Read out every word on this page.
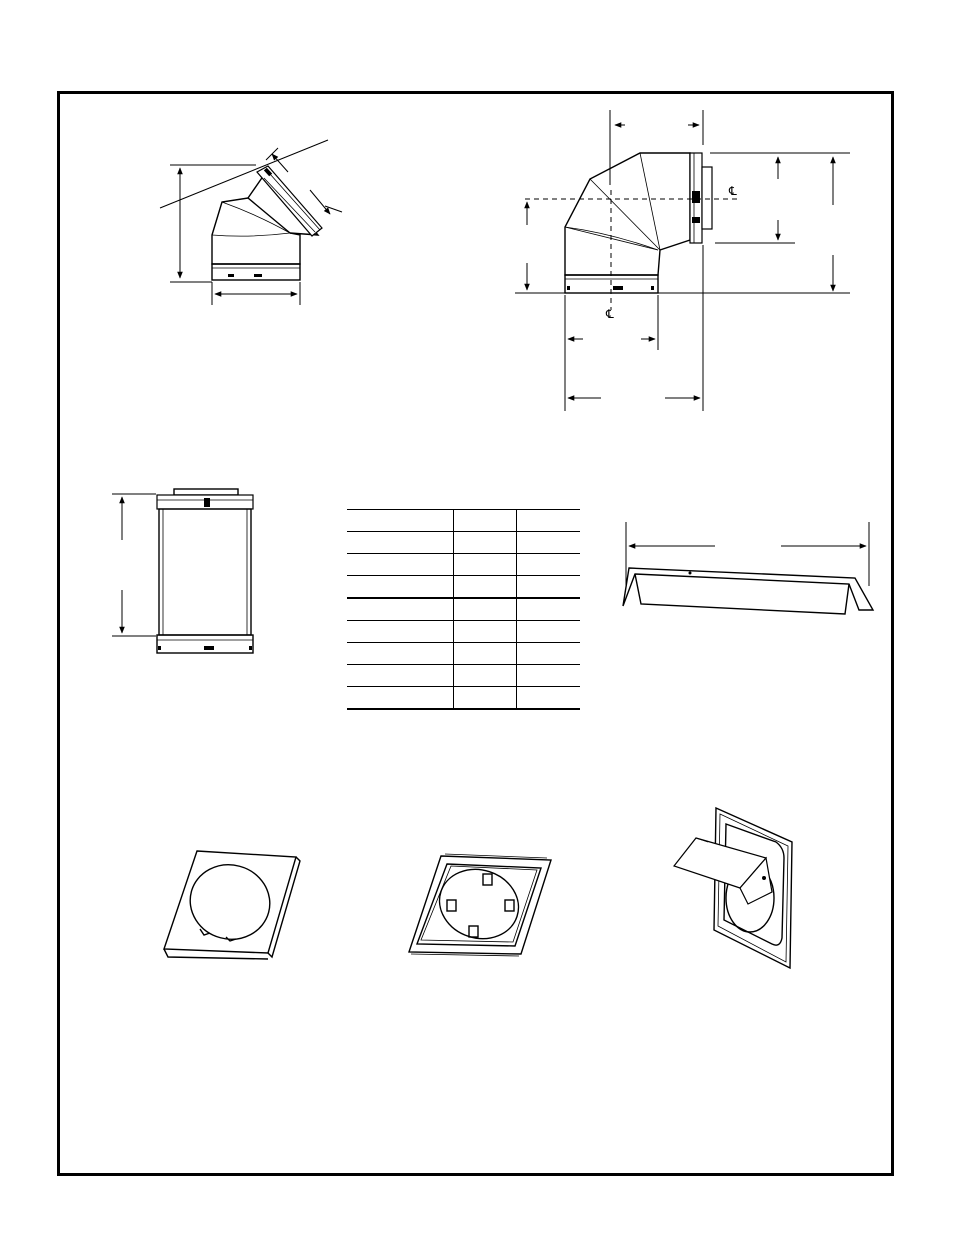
℄
℄
